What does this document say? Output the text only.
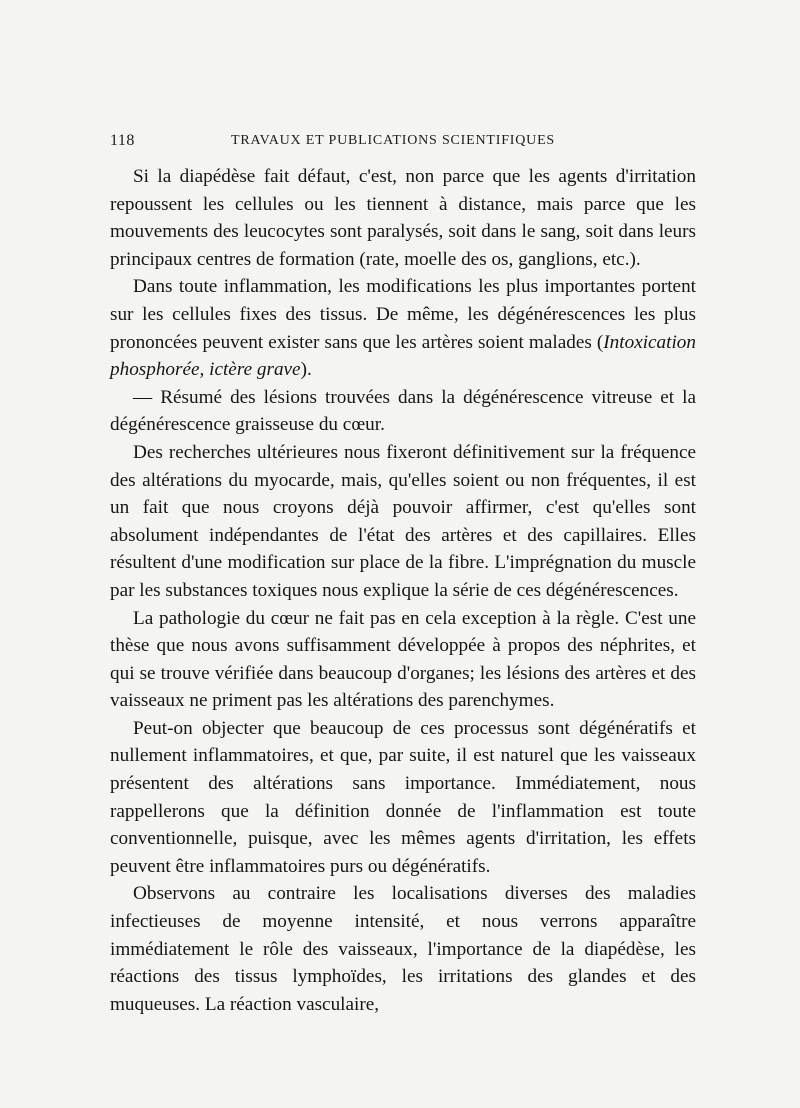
118	TRAVAUX ET PUBLICATIONS SCIENTIFIQUES

Si la diapédèse fait défaut, c'est, non parce que les agents d'irritation repoussent les cellules ou les tiennent à distance, mais parce que les mouvements des leucocytes sont paralysés, soit dans le sang, soit dans leurs principaux centres de formation (rate, moelle des os, ganglions, etc.).

Dans toute inflammation, les modifications les plus importantes portent sur les cellules fixes des tissus. De même, les dégénérescences les plus prononcées peuvent exister sans que les artères soient malades (Intoxication phosphorée, ictère grave).

— Résumé des lésions trouvées dans la dégénérescence vitreuse et la dégénérescence graisseuse du cœur.

Des recherches ultérieures nous fixeront définitivement sur la fréquence des altérations du myocarde, mais, qu'elles soient ou non fréquentes, il est un fait que nous croyons déjà pouvoir affirmer, c'est qu'elles sont absolument indépendantes de l'état des artères et des capillaires. Elles résultent d'une modification sur place de la fibre. L'imprégnation du muscle par les substances toxiques nous explique la série de ces dégénérescences.

La pathologie du cœur ne fait pas en cela exception à la règle. C'est une thèse que nous avons suffisamment développée à propos des néphrites, et qui se trouve vérifiée dans beaucoup d'organes; les lésions des artères et des vaisseaux ne priment pas les altérations des parenchymes.

Peut-on objecter que beaucoup de ces processus sont dégénératifs et nullement inflammatoires, et que, par suite, il est naturel que les vaisseaux présentent des altérations sans importance. Immédiatement, nous rappellerons que la définition donnée de l'inflammation est toute conventionnelle, puisque, avec les mêmes agents d'irritation, les effets peuvent être inflammatoires purs ou dégénératifs.

Observons au contraire les localisations diverses des maladies infectieuses de moyenne intensité, et nous verrons apparaître immédiatement le rôle des vaisseaux, l'importance de la diapédèse, les réactions des tissus lymphoïdes, les irritations des glandes et des muqueuses. La réaction vasculaire,
